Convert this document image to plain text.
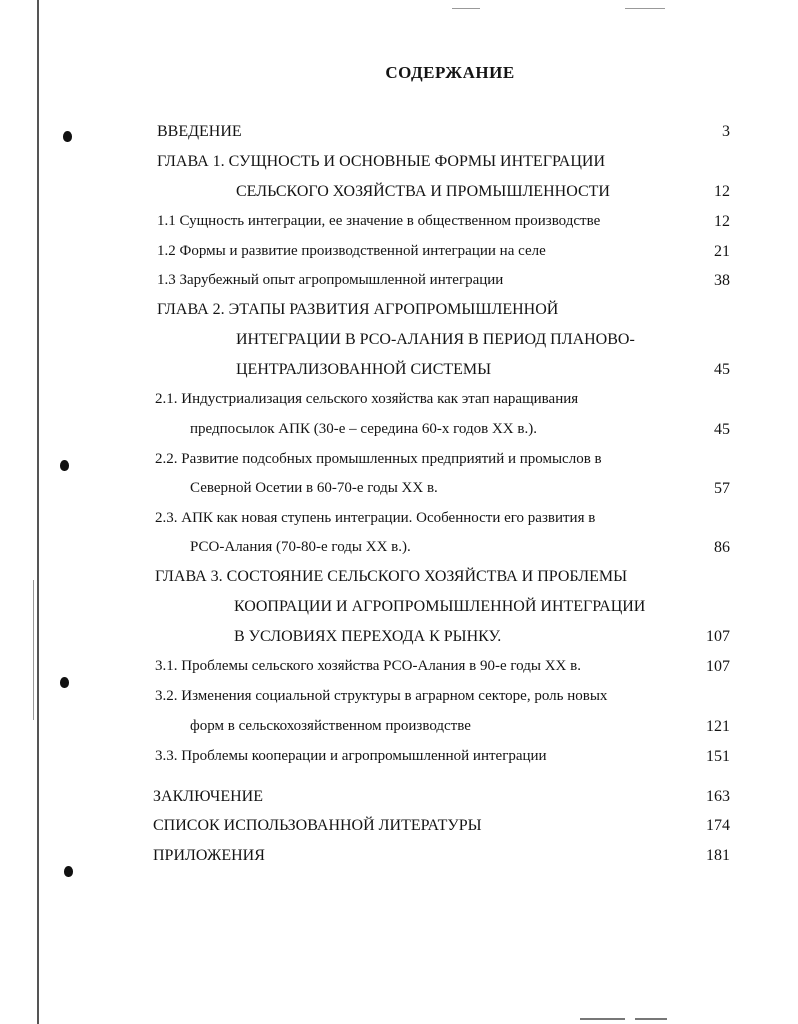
СОДЕРЖАНИЕ
ВВЕДЕНИЕ	3
ГЛАВА 1. СУЩНОСТЬ И ОСНОВНЫЕ ФОРМЫ ИНТЕГРАЦИИ
СЕЛЬСКОГО ХОЗЯЙСТВА И ПРОМЫШЛЕННОСТИ	12
1.1 Сущность интеграции, ее значение в общественном производстве	12
1.2 Формы и развитие производственной интеграции на селе	21
1.3 Зарубежный опыт агропромышленной интеграции	38
ГЛАВА 2. ЭТАПЫ РАЗВИТИЯ АГРОПРОМЫШЛЕННОЙ
ИНТЕГРАЦИИ В РСО-АЛАНИЯ В ПЕРИОД ПЛАНОВО-
ЦЕНТРАЛИЗОВАННОЙ СИСТЕМЫ	45
2.1. Индустриализация сельского хозяйства как этап наращивания
предпосылок АПК (30-е – середина 60-х годов XX в.).	45
2.2. Развитие подсобных промышленных предприятий и промыслов в
Северной Осетии в 60-70-е годы XX в.	57
2.3. АПК как новая ступень интеграции. Особенности его развития в
РСО-Алания (70-80-е годы XX в.).	86
ГЛАВА 3. СОСТОЯНИЕ СЕЛЬСКОГО ХОЗЯЙСТВА И ПРОБЛЕМЫ
КООПРАЦИИ И АГРОПРОМЫШЛЕННОЙ ИНТЕГРАЦИИ
В УСЛОВИЯХ ПЕРЕХОДА К РЫНКУ.	107
3.1. Проблемы сельского хозяйства РСО-Алания в 90-е годы XX в.	107
3.2. Изменения социальной структуры в аграрном секторе, роль новых
форм в сельскохозяйственном производстве	121
3.3. Проблемы кооперации и агропромышленной интеграции	151
ЗАКЛЮЧЕНИЕ	163
СПИСОК ИСПОЛЬЗОВАННОЙ ЛИТЕРАТУРЫ	174
ПРИЛОЖЕНИЯ	181
